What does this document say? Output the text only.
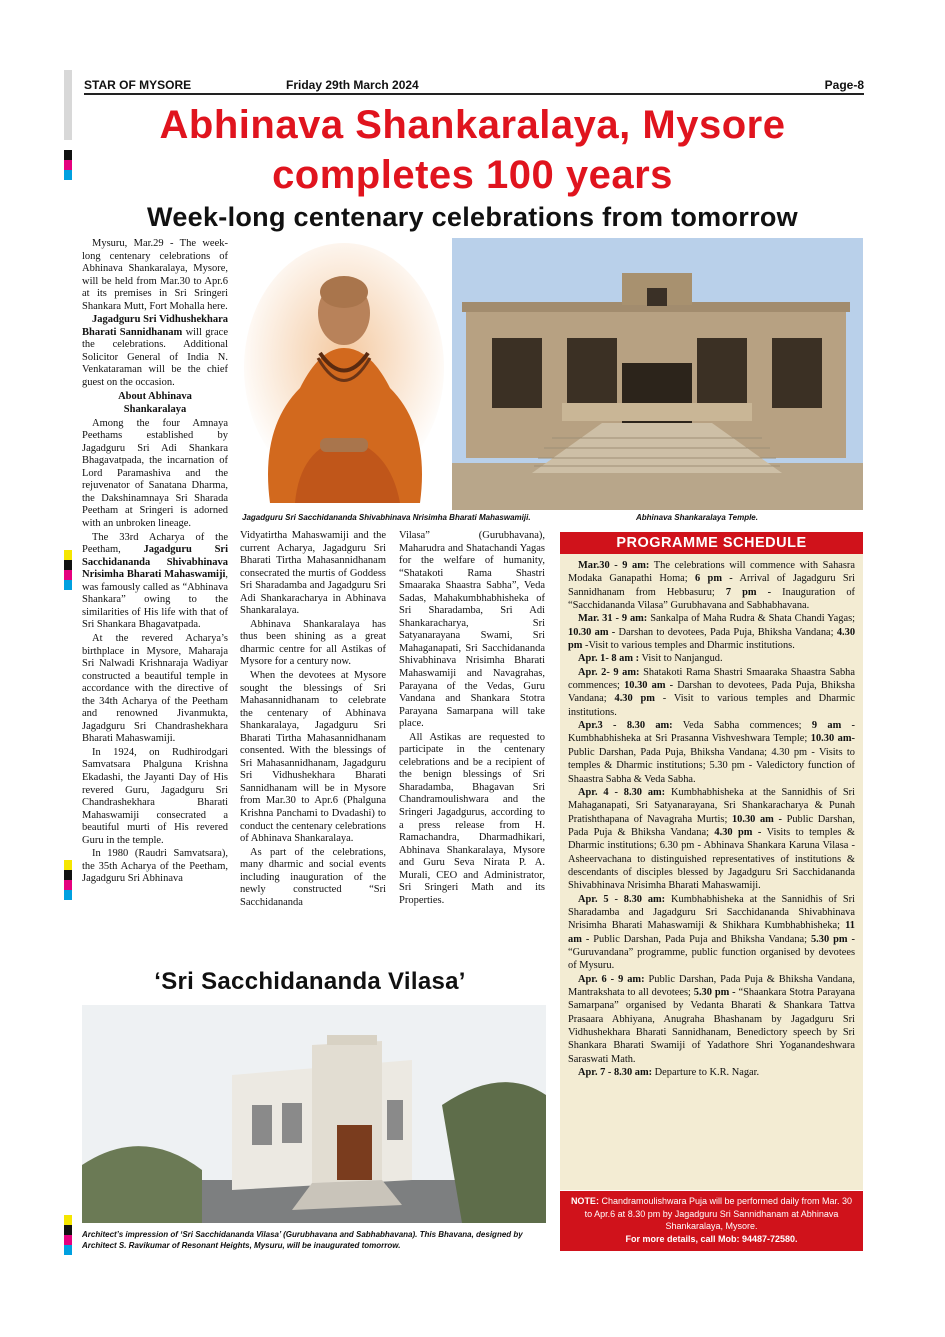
STAR OF MYSORE	Friday 29th March 2024	Page-8
Abhinava Shankaralaya, Mysore
completes 100 years
Week-long centenary celebrations from tomorrow

Mysuru, Mar.29 - The week-long centenary celebrations of Abhinava Shankaralaya, Mysore, will be held from Mar.30 to Apr.6 at its premises in Sri Sringeri Shankara Mutt, Fort Mohalla here.

Jagadguru Sri Vidhushekhara Bharati Sannidhanam will grace the celebrations. Additional Solicitor General of India N. Venkataraman will be the chief guest on the occasion.

About Abhinava

Shankaralaya

Among the four Amnaya Peethams established by Jagadguru Sri Adi Shankara Bhagavatpada, the incarnation of Lord Paramashiva and the rejuvenator of Sanatana Dharma, the Dakshinamnaya Sri Sharada Peetham at Sringeri is adorned with an unbroken lineage.

The 33rd Acharya of the Peetham, Jagadguru Sri Sacchidananda Shivabhinava Nrisimha Bharati Mahaswamiji, was famously called as “Abhinava Shankara” owing to the similarities of His life with that of Sri Shankara Bhagavatpada.

At the revered Acharya’s birthplace in Mysore, Maharaja Sri Nalwadi Krishnaraja Wadiyar constructed a beautiful temple in accordance with the directive of the 34th Acharya of the Peetham and renowned Jivanmukta, Jagadguru Sri Chandrashekhara Bharati Mahaswamiji.

In 1924, on Rudhirodgari Samvatsara Phalguna Krishna Ekadashi, the Jayanti Day of His revered Guru, Jagadguru Sri Chandrashekhara Bharati Mahaswamiji consecrated a beautiful murti of His revered Guru in the temple.

In 1980 (Raudri Samvatsara), the 35th Acharya of the Peetham, Jagadguru Sri Abhinava

Jagadguru Sri Sacchidananda Shivabhinava Nrisimha Bharati Mahaswamiji.	Abhinava Shankaralaya Temple.

Vidyatirtha Mahaswamiji and the current Acharya, Jagadguru Sri Bharati Tirtha Mahasannidhanam consecrated the murtis of Goddess Sri Sharadamba and Jagadguru Sri Adi Shankaracharya in Abhinava Shankaralaya.

Abhinava Shankaralaya has thus been shining as a great dharmic centre for all Astikas of Mysore for a century now.

When the devotees at Mysore sought the blessings of Sri Mahasannidhanam to celebrate the centenary of Abhinava Shankaralaya, Jagadguru Sri Bharati Tirtha Mahasannidhanam consented. With the blessings of Sri Mahasannidhanam, Jagadguru Sri Vidhushekhara Bharati Sannidhanam will be in Mysore from Mar.30 to Apr.6 (Phalguna Krishna Panchami to Dvadashi) to conduct the centenary celebrations of Abhinava Shankaralaya.

As part of the celebrations, many dharmic and social events including inauguration of the newly constructed “Sri Sacchidananda

Vilasa” (Gurubhavana), Maharudra and Shatachandi Yagas for the welfare of humanity, “Shatakoti Rama Shastri Smaaraka Shaastra Sabha”, Veda Sadas, Mahakumbhabhisheka of Sri Sharadamba, Sri Adi Shankaracharya, Sri Satyanarayana Swami, Sri Mahaganapati, Sri Sacchidananda Shivabhinava Nrisimha Bharati Mahaswamiji and Navagrahas, Parayana of the Vedas, Guru Vandana and Shankara Stotra Parayana Samarpana will take place.

All Astikas are requested to participate in the centenary celebrations and be a recipient of the benign blessings of Sri Sharadamba, Bhagavan Sri Chandramoulishwara and the Sringeri Jagadgurus, according to a press release from H. Ramachandra, Dharmadhikari, Abhinava Shankaralaya, Mysore and Guru Seva Nirata P. A. Murali, CEO and Administrator, Sri Sringeri Math and its Properties.

PROGRAMME SCHEDULE

Mar.30 - 9 am: The celebrations will commence with Sahasra Modaka Ganapathi Homa; 6 pm - Arrival of Jagadguru Sri Sannidhanam from Hebbasuru; 7 pm - Inauguration of “Sacchidananda Vilasa” Gurubhavana and Sabhabhavana.

Mar. 31 - 9 am: Sankalpa of Maha Rudra & Shata Chandi Yagas; 10.30 am - Darshan to devotees, Pada Puja, Bhiksha Vandana; 4.30 pm -Visit to various temples and Dharmic institutions.

Apr. 1- 8 am : Visit to Nanjangud.

Apr. 2- 9 am: Shatakoti Rama Shastri Smaaraka Shaastra Sabha commences; 10.30 am - Darshan to devotees, Pada Puja, Bhiksha Vandana; 4.30 pm - Visit to various temples and Dharmic institutions.

Apr.3 - 8.30 am: Veda Sabha commences; 9 am - Kumbhabhisheka at Sri Prasanna Vishveshwara Temple; 10.30 am- Public Darshan, Pada Puja, Bhiksha Vandana; 4.30 pm - Visits to temples & Dharmic institutions; 5.30 pm - Valedictory function of Shaastra Sabha & Veda Sabha.

Apr. 4 - 8.30 am: Kumbhabhisheka at the Sannidhis of Sri Mahaganapati, Sri Satyanarayana, Sri Shankaracharya & Punah Pratishthapana of Navagraha Murtis; 10.30 am - Public Darshan, Pada Puja & Bhiksha Vandana; 4.30 pm - Visits to temples & Dharmic institutions; 6.30 pm - Abhinava Shankara Karuna Vilasa - Asheervachana to distinguished representatives of institutions & descendants of disciples blessed by Jagadguru Sri Sacchidananda Shivabhinava Nrisimha Bharati Mahaswamiji.

Apr. 5 - 8.30 am: Kumbhabhisheka at the Sannidhis of Sri Sharadamba and Jagadguru Sri Sacchidananda Shivabhinava Nrisimha Bharati Mahaswamiji & Shikhara Kumbhabhisheka; 11 am - Public Darshan, Pada Puja and Bhiksha Vandana; 5.30 pm - “Guruvandana” programme, public function organised by devotees of Mysuru.

Apr. 6 - 9 am: Public Darshan, Pada Puja & Bhiksha Vandana, Mantrakshata to all devotees; 5.30 pm - “Shaankara Stotra Parayana Samarpana” organised by Vedanta Bharati & Shankara Tattva Prasaara Abhiyana, Anugraha Bhashanam by Jagadguru Sri Vidhushekhara Bharati Sannidhanam, Benedictory speech by Sri Shankara Bharati Swamiji of Yadathore Shri Yoganandeshwara Saraswati Math.

Apr. 7 - 8.30 am: Departure to K.R. Nagar.

NOTE: Chandramoulishwara Puja will be performed daily from Mar. 30 to Apr.6 at 8.30 pm by Jagadguru Sri Sannidhanam at Abhinava Shankaralaya, Mysore.
For more details, call Mob: 94487-72580.
‘Sri Sacchidananda Vilasa’
Architect’s impression of ‘Sri Sacchidananda Vilasa’ (Gurubhavana and Sabhabhavana). This Bhavana, designed by Architect S. Ravikumar of Resonant Heights, Mysuru, will be inaugurated tomorrow.
